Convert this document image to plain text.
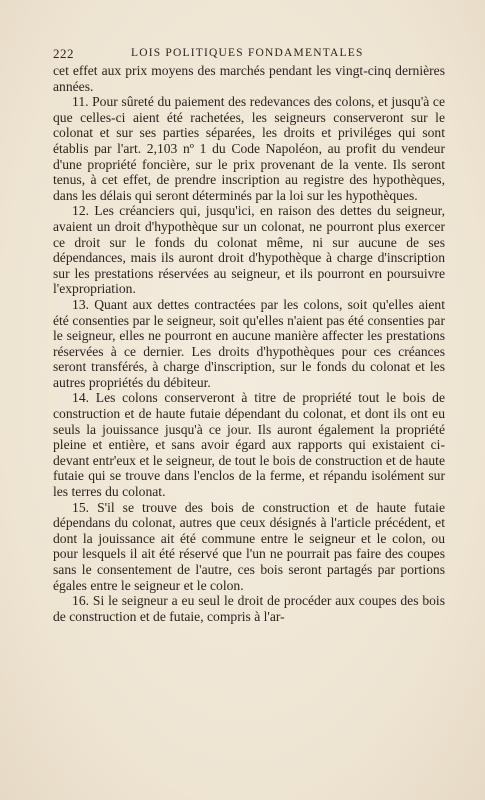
222	LOIS POLITIQUES FONDAMENTALES

cet effet aux prix moyens des marchés pendant les vingt-cinq dernières années.

11. Pour sûreté du paiement des redevances des colons, et jusqu'à ce que celles-ci aient été rachetées, les seigneurs conserveront sur le colonat et sur ses parties séparées, les droits et priviléges qui sont établis par l'art. 2,103 nº 1 du Code Napoléon, au profit du vendeur d'une propriété foncière, sur le prix provenant de la vente. Ils seront tenus, à cet effet, de prendre inscription au registre des hypothèques, dans les délais qui seront déterminés par la loi sur les hypothèques.

12. Les créanciers qui, jusqu'ici, en raison des dettes du seigneur, avaient un droit d'hypothèque sur un colonat, ne pourront plus exercer ce droit sur le fonds du colonat même, ni sur aucune de ses dépendances, mais ils auront droit d'hypothèque à charge d'inscription sur les prestations réservées au seigneur, et ils pourront en poursuivre l'expropriation.

13. Quant aux dettes contractées par les colons, soit qu'elles aient été consenties par le seigneur, soit qu'elles n'aient pas été consenties par le seigneur, elles ne pourront en aucune manière affecter les prestations réservées à ce dernier. Les droits d'hypothèques pour ces créances seront transférés, à charge d'inscription, sur le fonds du colonat et les autres propriétés du débiteur.

14. Les colons conserveront à titre de propriété tout le bois de construction et de haute futaie dépendant du colonat, et dont ils ont eu seuls la jouissance jusqu'à ce jour. Ils auront également la propriété pleine et entière, et sans avoir égard aux rapports qui existaient ci-devant entr'eux et le seigneur, de tout le bois de construction et de haute futaie qui se trouve dans l'enclos de la ferme, et répandu isolément sur les terres du colonat.

15. S'il se trouve des bois de construction et de haute futaie dépendans du colonat, autres que ceux désignés à l'article précédent, et dont la jouissance ait été commune entre le seigneur et le colon, ou pour lesquels il ait été réservé que l'un ne pourrait pas faire des coupes sans le consentement de l'autre, ces bois seront partagés par portions égales entre le seigneur et le colon.

16. Si le seigneur a eu seul le droit de procéder aux coupes des bois de construction et de futaie, compris à l'ar-
